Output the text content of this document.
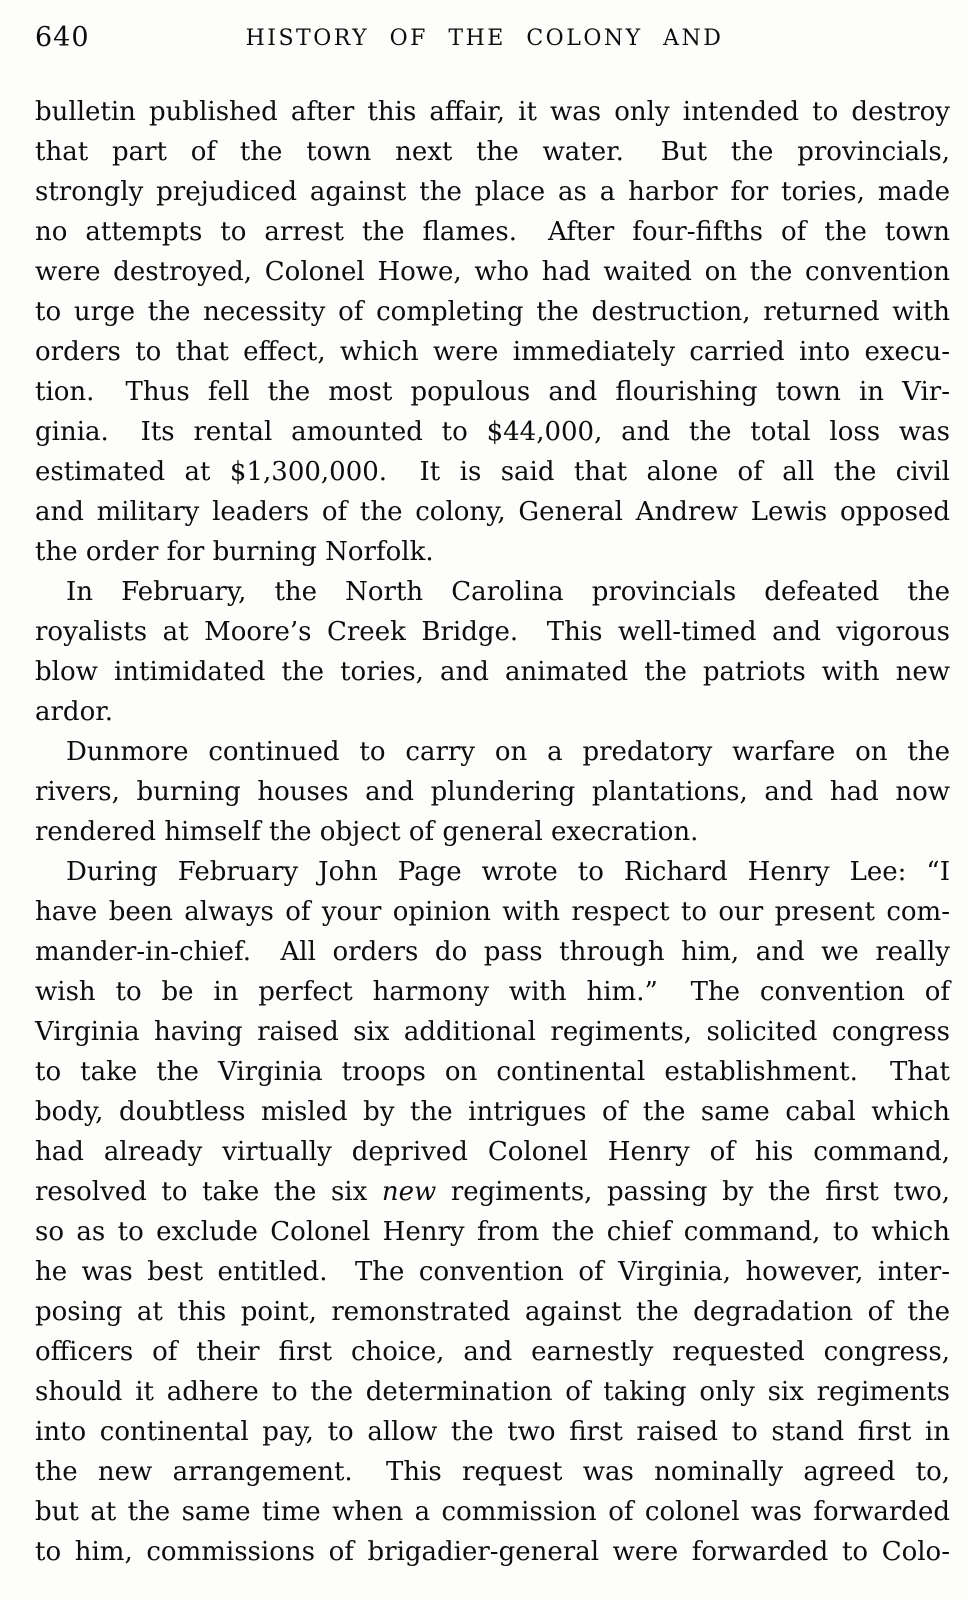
640	HISTORY OF THE COLONY AND
bulletin published after this affair, it was only intended to destroy
that part of the town next the water.  But the provincials,
strongly prejudiced against the place as a harbor for tories, made
no attempts to arrest the flames.  After four-fifths of the town
were destroyed, Colonel Howe, who had waited on the convention
to urge the necessity of completing the destruction, returned with
orders to that effect, which were immediately carried into execu-
tion.  Thus fell the most populous and flourishing town in Vir-
ginia.  Its rental amounted to $44,000, and the total loss was
estimated at $1,300,000.  It is said that alone of all the civil
and military leaders of the colony, General Andrew Lewis opposed
the order for burning Norfolk.
In February, the North Carolina provincials defeated the
royalists at Moore’s Creek Bridge.  This well-timed and vigorous
blow intimidated the tories, and animated the patriots with new
ardor.
Dunmore continued to carry on a predatory warfare on the
rivers, burning houses and plundering plantations, and had now
rendered himself the object of general execration.
During February John Page wrote to Richard Henry Lee: “I
have been always of your opinion with respect to our present com-
mander-in-chief.  All orders do pass through him, and we really
wish to be in perfect harmony with him.”  The convention of
Virginia having raised six additional regiments, solicited congress
to take the Virginia troops on continental establishment.  That
body, doubtless misled by the intrigues of the same cabal which
had already virtually deprived Colonel Henry of his command,
resolved to take the six new regiments, passing by the first two,
so as to exclude Colonel Henry from the chief command, to which
he was best entitled.  The convention of Virginia, however, inter-
posing at this point, remonstrated against the degradation of the
officers of their first choice, and earnestly requested congress,
should it adhere to the determination of taking only six regiments
into continental pay, to allow the two first raised to stand first in
the new arrangement.  This request was nominally agreed to,
but at the same time when a commission of colonel was forwarded
to him, commissions of brigadier-general were forwarded to Colo-
